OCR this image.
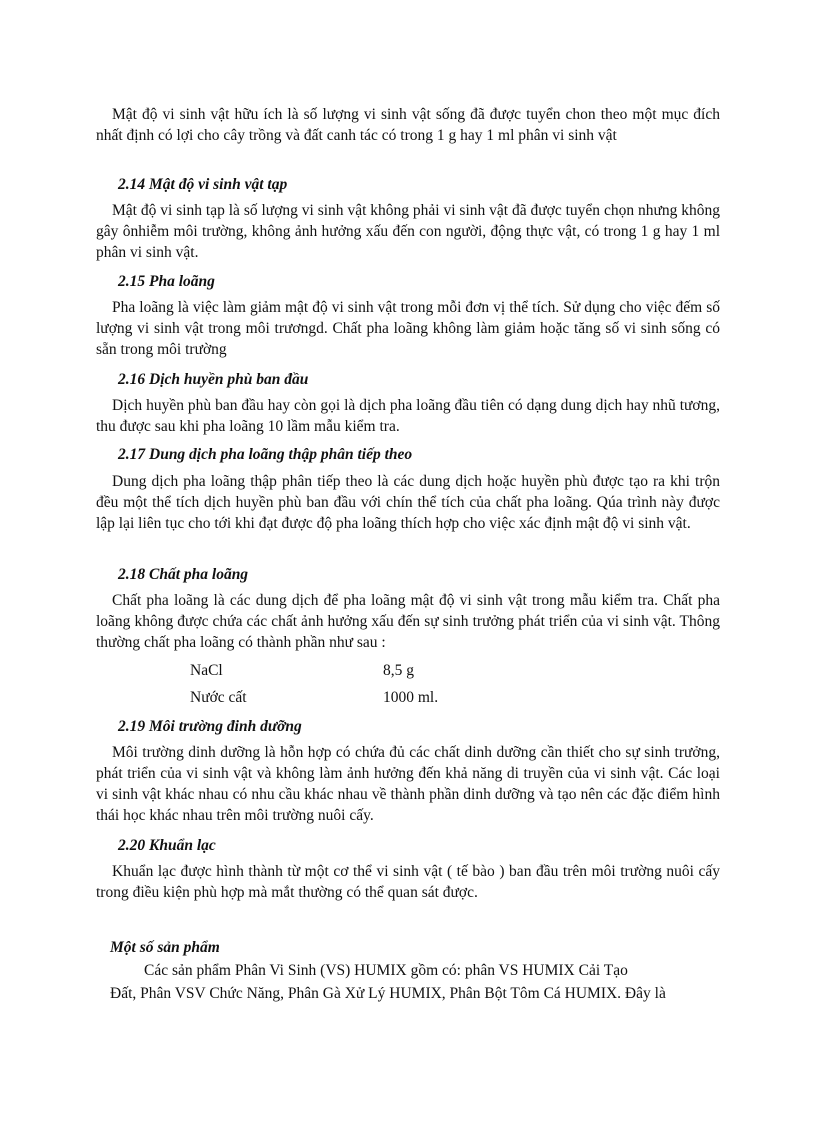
Mật độ vi sinh vật hữu ích là số lượng vi sinh vật sống đã được tuyển chon theo một mục đích nhất định có lợi cho cây trồng và đất canh tác có trong 1 g hay 1 ml phân vi sinh vật

2.14 Mật độ vi sinh vật tạp

Mật độ vi sinh tạp là số lượng vi sinh vật không phải vi sinh vật đã được tuyển chọn nhưng không gây ônhiễm môi trường, không ảnh hưởng xấu đến con người, động thực vật, có trong 1 g hay 1 ml phân vi sinh vật.

2.15 Pha loãng

Pha loãng là việc làm giảm mật độ vi sinh vật trong mỗi đơn vị thể tích. Sử dụng cho việc đếm số lượng vi sinh vật trong môi trươngd. Chất pha loãng không làm giảm hoặc tăng số vi sinh sống có sẵn trong môi trường

2.16 Dịch huyền phù ban đầu

Dịch huyền phù ban đầu hay còn gọi là dịch pha loãng đầu tiên có dạng dung dịch hay nhũ tương, thu được sau khi pha loãng 10 lầm mẫu kiểm tra.

2.17 Dung dịch pha loãng thập phân tiếp theo

Dung dịch pha loãng thập phân tiếp theo là các dung dịch hoặc huyền phù được tạo ra khi trộn đều một thể tích dịch huyền phù ban đầu với chín thể tích của chất pha loãng. Qúa trình này được lập lại liên tục cho tới khi đạt được độ pha loãng thích hợp cho việc xác định mật độ vi sinh vật.

2.18 Chất pha loãng

Chất pha loãng là các dung dịch để pha loãng mật độ vi sinh vật trong mẫu kiểm tra. Chất pha loãng không được chứa các chất ảnh hưởng xấu đến sự sinh trưởng phát triển của vi sinh vật. Thông thường chất pha loãng có thành phần như sau :

NaCl	8,5 g
Nước cất	1000 ml.

2.19 Môi trường đinh dưỡng

Môi trường dinh dưỡng là hỗn hợp có chứa đủ các chất dinh dưỡng cần thiết cho sự sinh trưởng, phát triển của vi sinh vật và không làm ảnh hưởng đến khả năng di truyền của vi sinh vật. Các loại vi sinh vật khác nhau có nhu cầu khác nhau về thành phần dinh dưỡng và tạo nên các đặc điểm hình thái học khác nhau trên môi trường nuôi cấy.

2.20 Khuẩn lạc

Khuẩn lạc được hình thành từ một cơ thể vi sinh vật ( tế bào ) ban đầu trên môi trường nuôi cấy trong điều kiện phù hợp mà mắt thường có thể quan sát được.

Một số sản phẩm

Các sản phẩm Phân Vi Sinh (VS) HUMIX gồm có: phân VS HUMIX Cải Tạo

Đất, Phân VSV Chức Năng, Phân Gà Xử Lý HUMIX, Phân Bột Tôm Cá HUMIX. Đây là
